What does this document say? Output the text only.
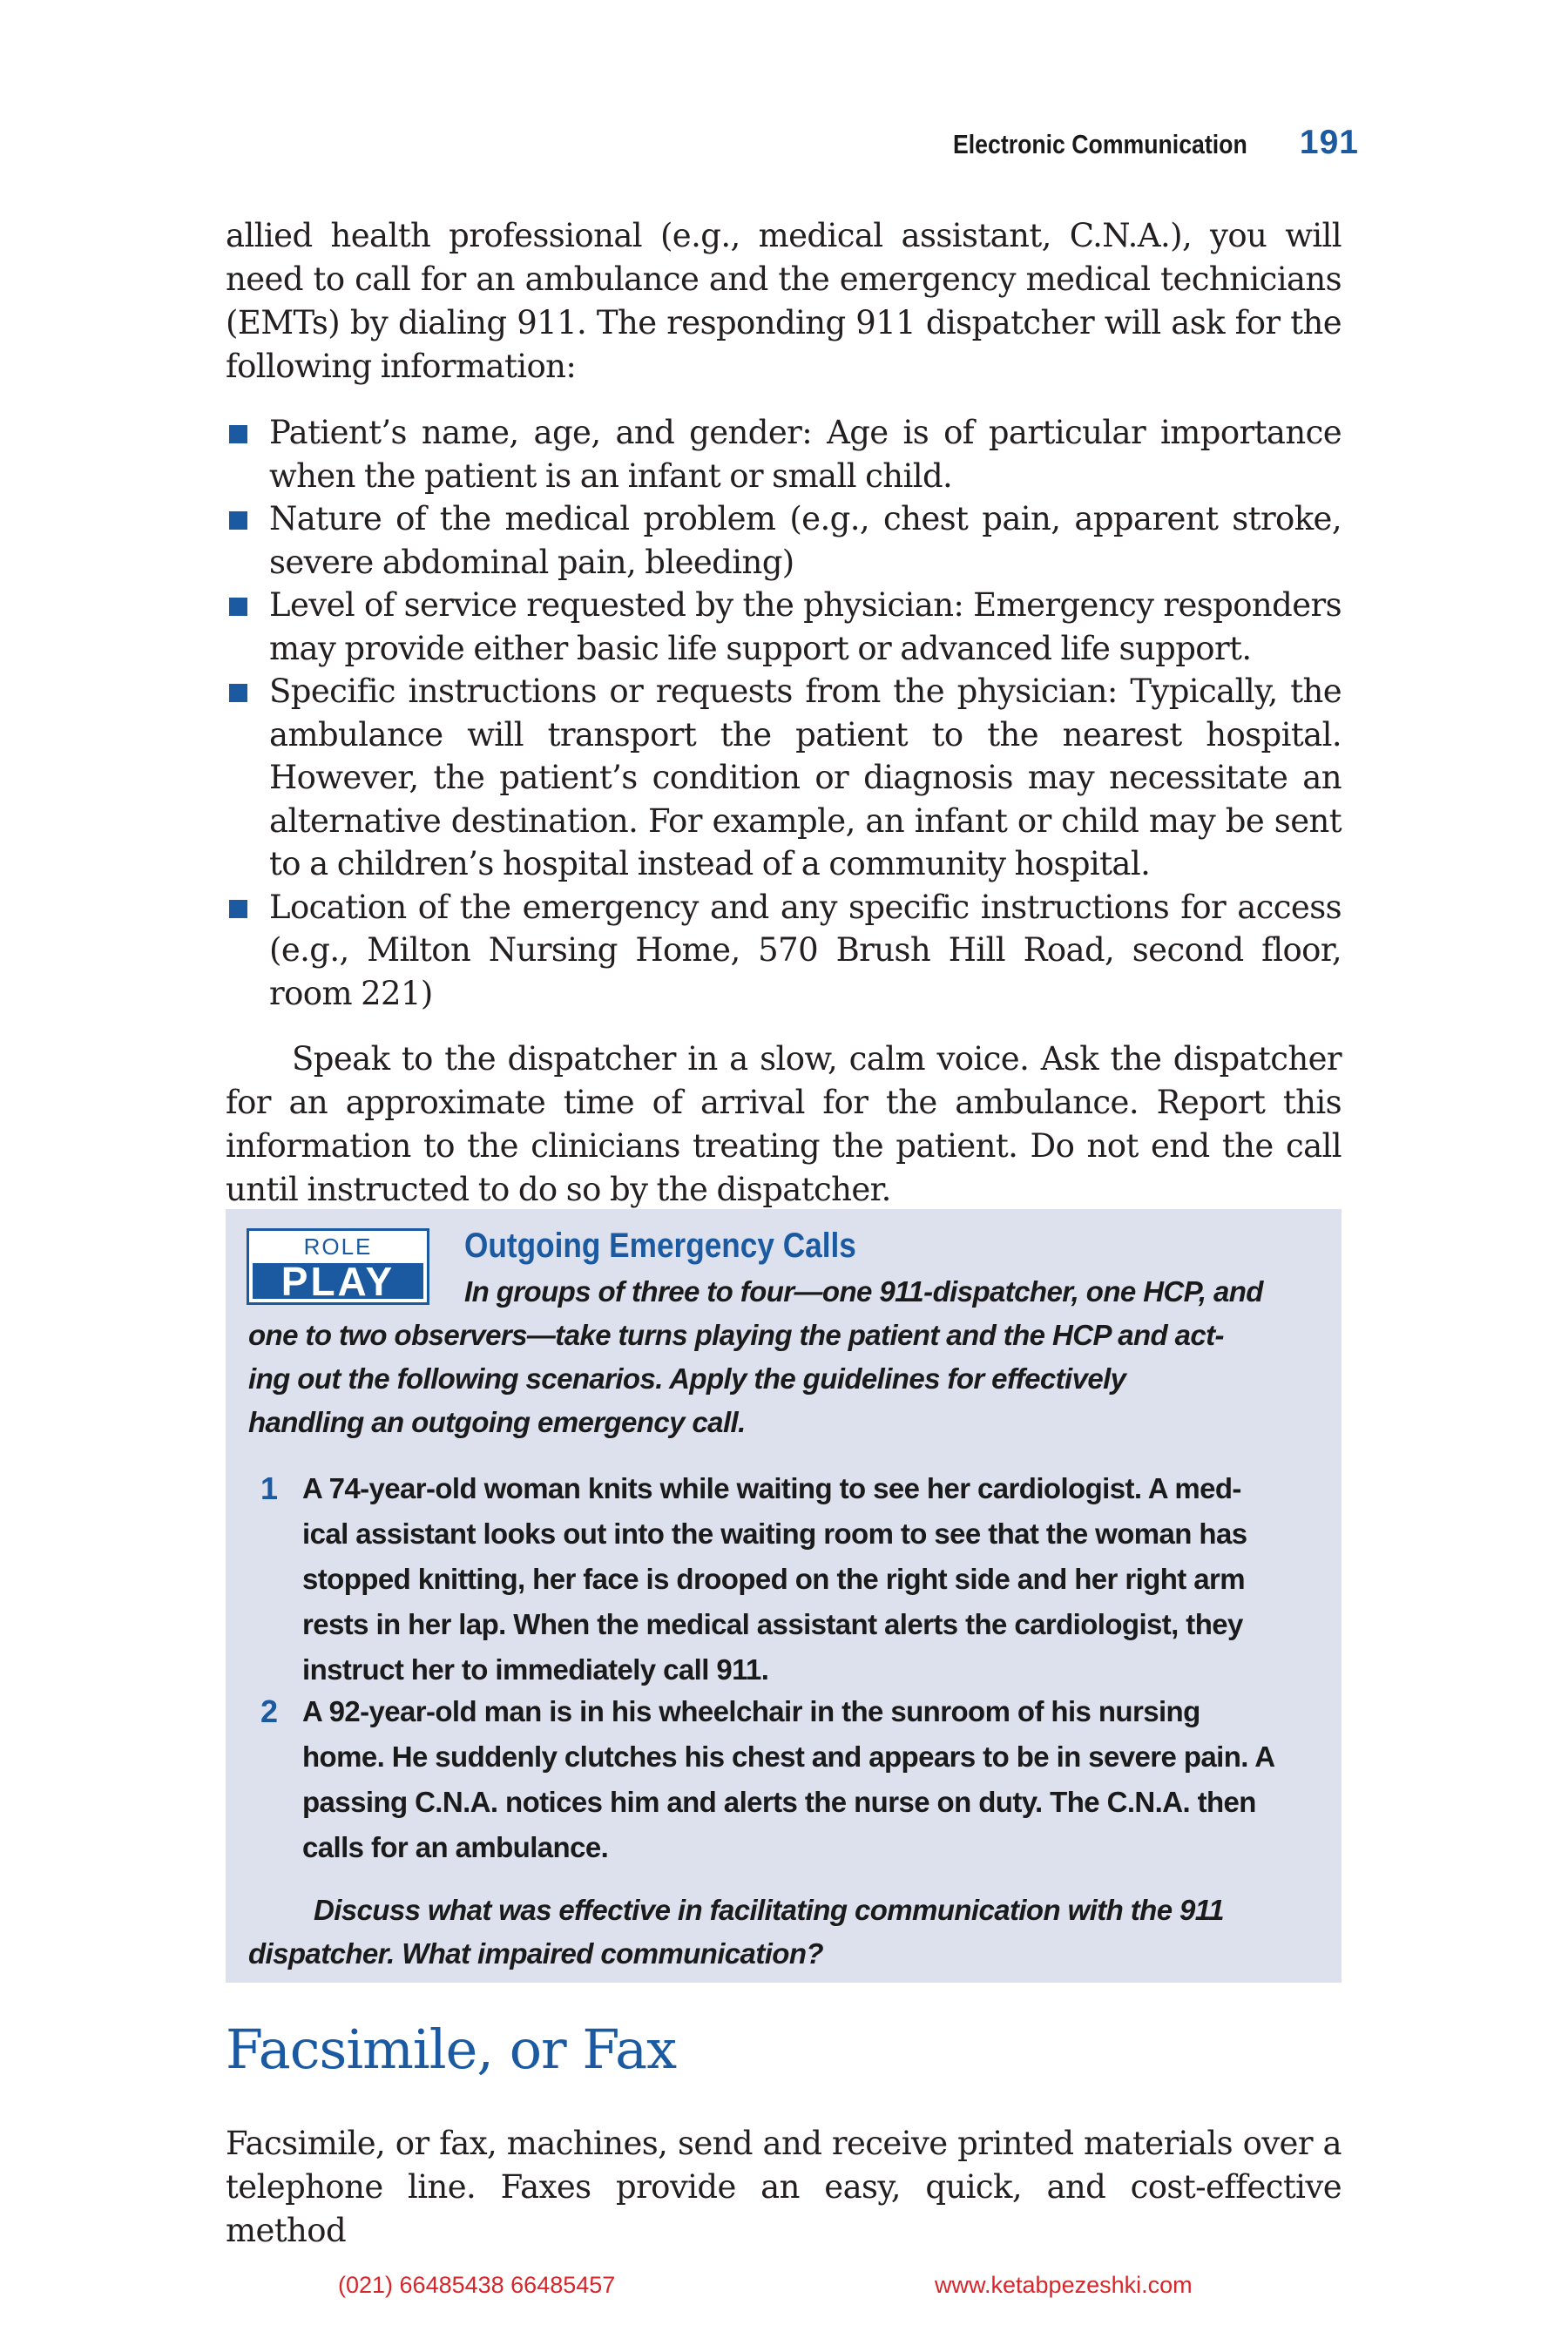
Electronic Communication 191

allied health professional (e.g., medical assistant, C.N.A.), you will need to call for an ambulance and the emergency medical technicians (EMTs) by dialing 911. The responding 911 dispatcher will ask for the following information:

Patient’s name, age, and gender: Age is of particular importance when the patient is an infant or small child.
Nature of the medical problem (e.g., chest pain, apparent stroke, severe abdominal pain, bleeding)
Level of service requested by the physician: Emergency responders may provide either basic life support or advanced life support.
Specific instructions or requests from the physician: Typically, the ambulance will transport the patient to the nearest hospital. However, the patient’s condition or diagnosis may necessitate an alternative destination. For example, an infant or child may be sent to a children’s hospital instead of a community hospital.
Location of the emergency and any specific instructions for access (e.g., Milton Nursing Home, 570 Brush Hill Road, second floor, room 221)

Speak to the dispatcher in a slow, calm voice. Ask the dispatcher for an approximate time of arrival for the ambulance. Report this information to the clinicians treating the patient. Do not end the call until instructed to do so by the dispatcher.

ROLE
PLAY
Outgoing Emergency Calls
In groups of three to four—one 911-dispatcher, one HCP, and
one to two observers—take turns playing the patient and the HCP and act-
ing out the following scenarios. Apply the guidelines for effectively
handling an outgoing emergency call.
1 A 74-year-old woman knits while waiting to see her cardiologist. A med-
ical assistant looks out into the waiting room to see that the woman has
stopped knitting, her face is drooped on the right side and her right arm
rests in her lap. When the medical assistant alerts the cardiologist, they
instruct her to immediately call 911.
2 A 92-year-old man is in his wheelchair in the sunroom of his nursing
home. He suddenly clutches his chest and appears to be in severe pain. A
passing C.N.A. notices him and alerts the nurse on duty. The C.N.A. then
calls for an ambulance.
Discuss what was effective in facilitating communication with the 911
dispatcher. What impaired communication?
Facsimile, or Fax

Facsimile, or fax, machines, send and receive printed materials over a telephone line. Faxes provide an easy, quick, and cost-effective method

(021) 66485438 66485457	www.ketabpezeshki.com
